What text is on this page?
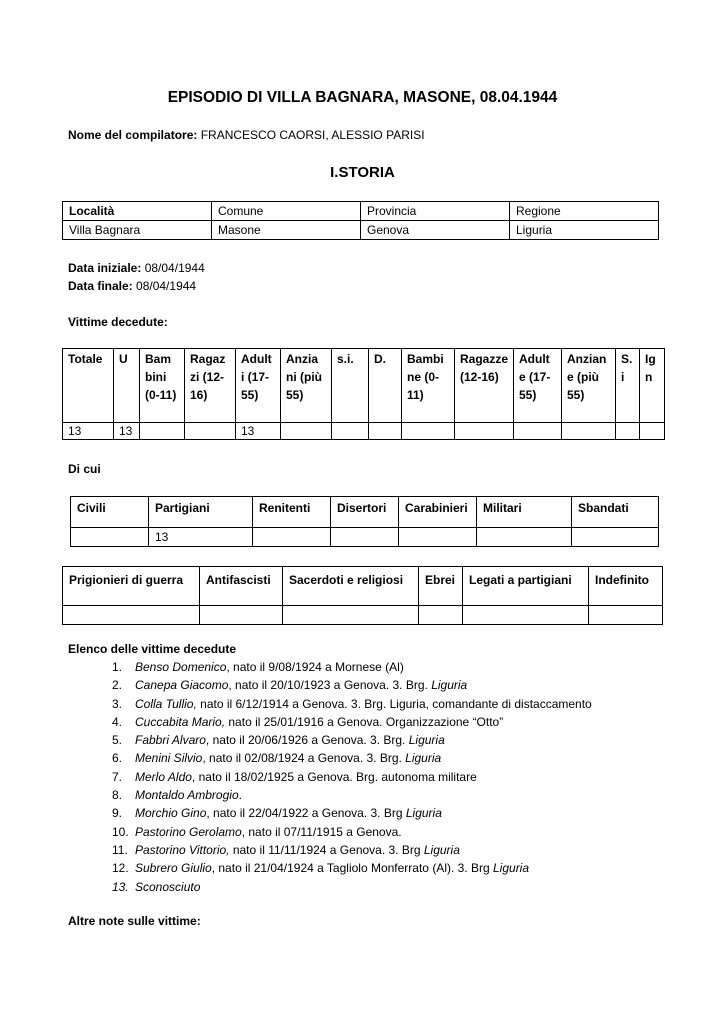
EPISODIO DI VILLA BAGNARA, MASONE, 08.04.1944
Nome del compilatore: FRANCESCO CAORSI, ALESSIO PARISI
I.STORIA
Località	Comune	Provincia	Regione
Villa Bagnara	Masone	Genova	Liguria
Data iniziale: 08/04/1944
Data finale: 08/04/1944
Vittime decedute:
Totale	U	Bam bini (0-11)	Ragaz zi (12-16)	Adult i (17-55)	Anzia ni (più 55)	s.i.	D.	Bambi ne (0-11)	Ragazze (12-16)	Adult e (17-55)	Anzian e (più 55)	S. i	Ig n
13	13			13									
Di cui
Civili	Partigiani	Renitenti	Disertori	Carabinieri	Militari	Sbandati
	13					
Prigionieri di guerra	Antifascisti	Sacerdoti e religiosi	Ebrei	Legati a partigiani	Indefinito

Elenco delle vittime decedute
1. Benso Domenico, nato il 9/08/1924 a Mornese (Al)
2. Canepa Giacomo, nato il 20/10/1923 a Genova. 3. Brg. Liguria
3. Colla Tullio, nato il 6/12/1914 a Genova. 3. Brg. Liguria, comandante di distaccamento
4. Cuccabita Mario, nato il 25/01/1916 a Genova. Organizzazione “Otto”
5. Fabbri Alvaro, nato il 20/06/1926 a Genova. 3. Brg. Liguria
6. Menini Silvio, nato il 02/08/1924 a Genova. 3. Brg. Liguria
7. Merlo Aldo, nato il 18/02/1925 a Genova. Brg. autonoma militare
8. Montaldo Ambrogio.
9. Morchio Gino, nato il 22/04/1922 a Genova. 3. Brg Liguria
10. Pastorino Gerolamo, nato il 07/11/1915 a Genova.
11. Pastorino Vittorio, nato il 11/11/1924 a Genova. 3. Brg Liguria
12. Subrero Giulio, nato il 21/04/1924 a Tagliolo Monferrato (Al). 3. Brg Liguria
13. Sconosciuto
Altre note sulle vittime:
